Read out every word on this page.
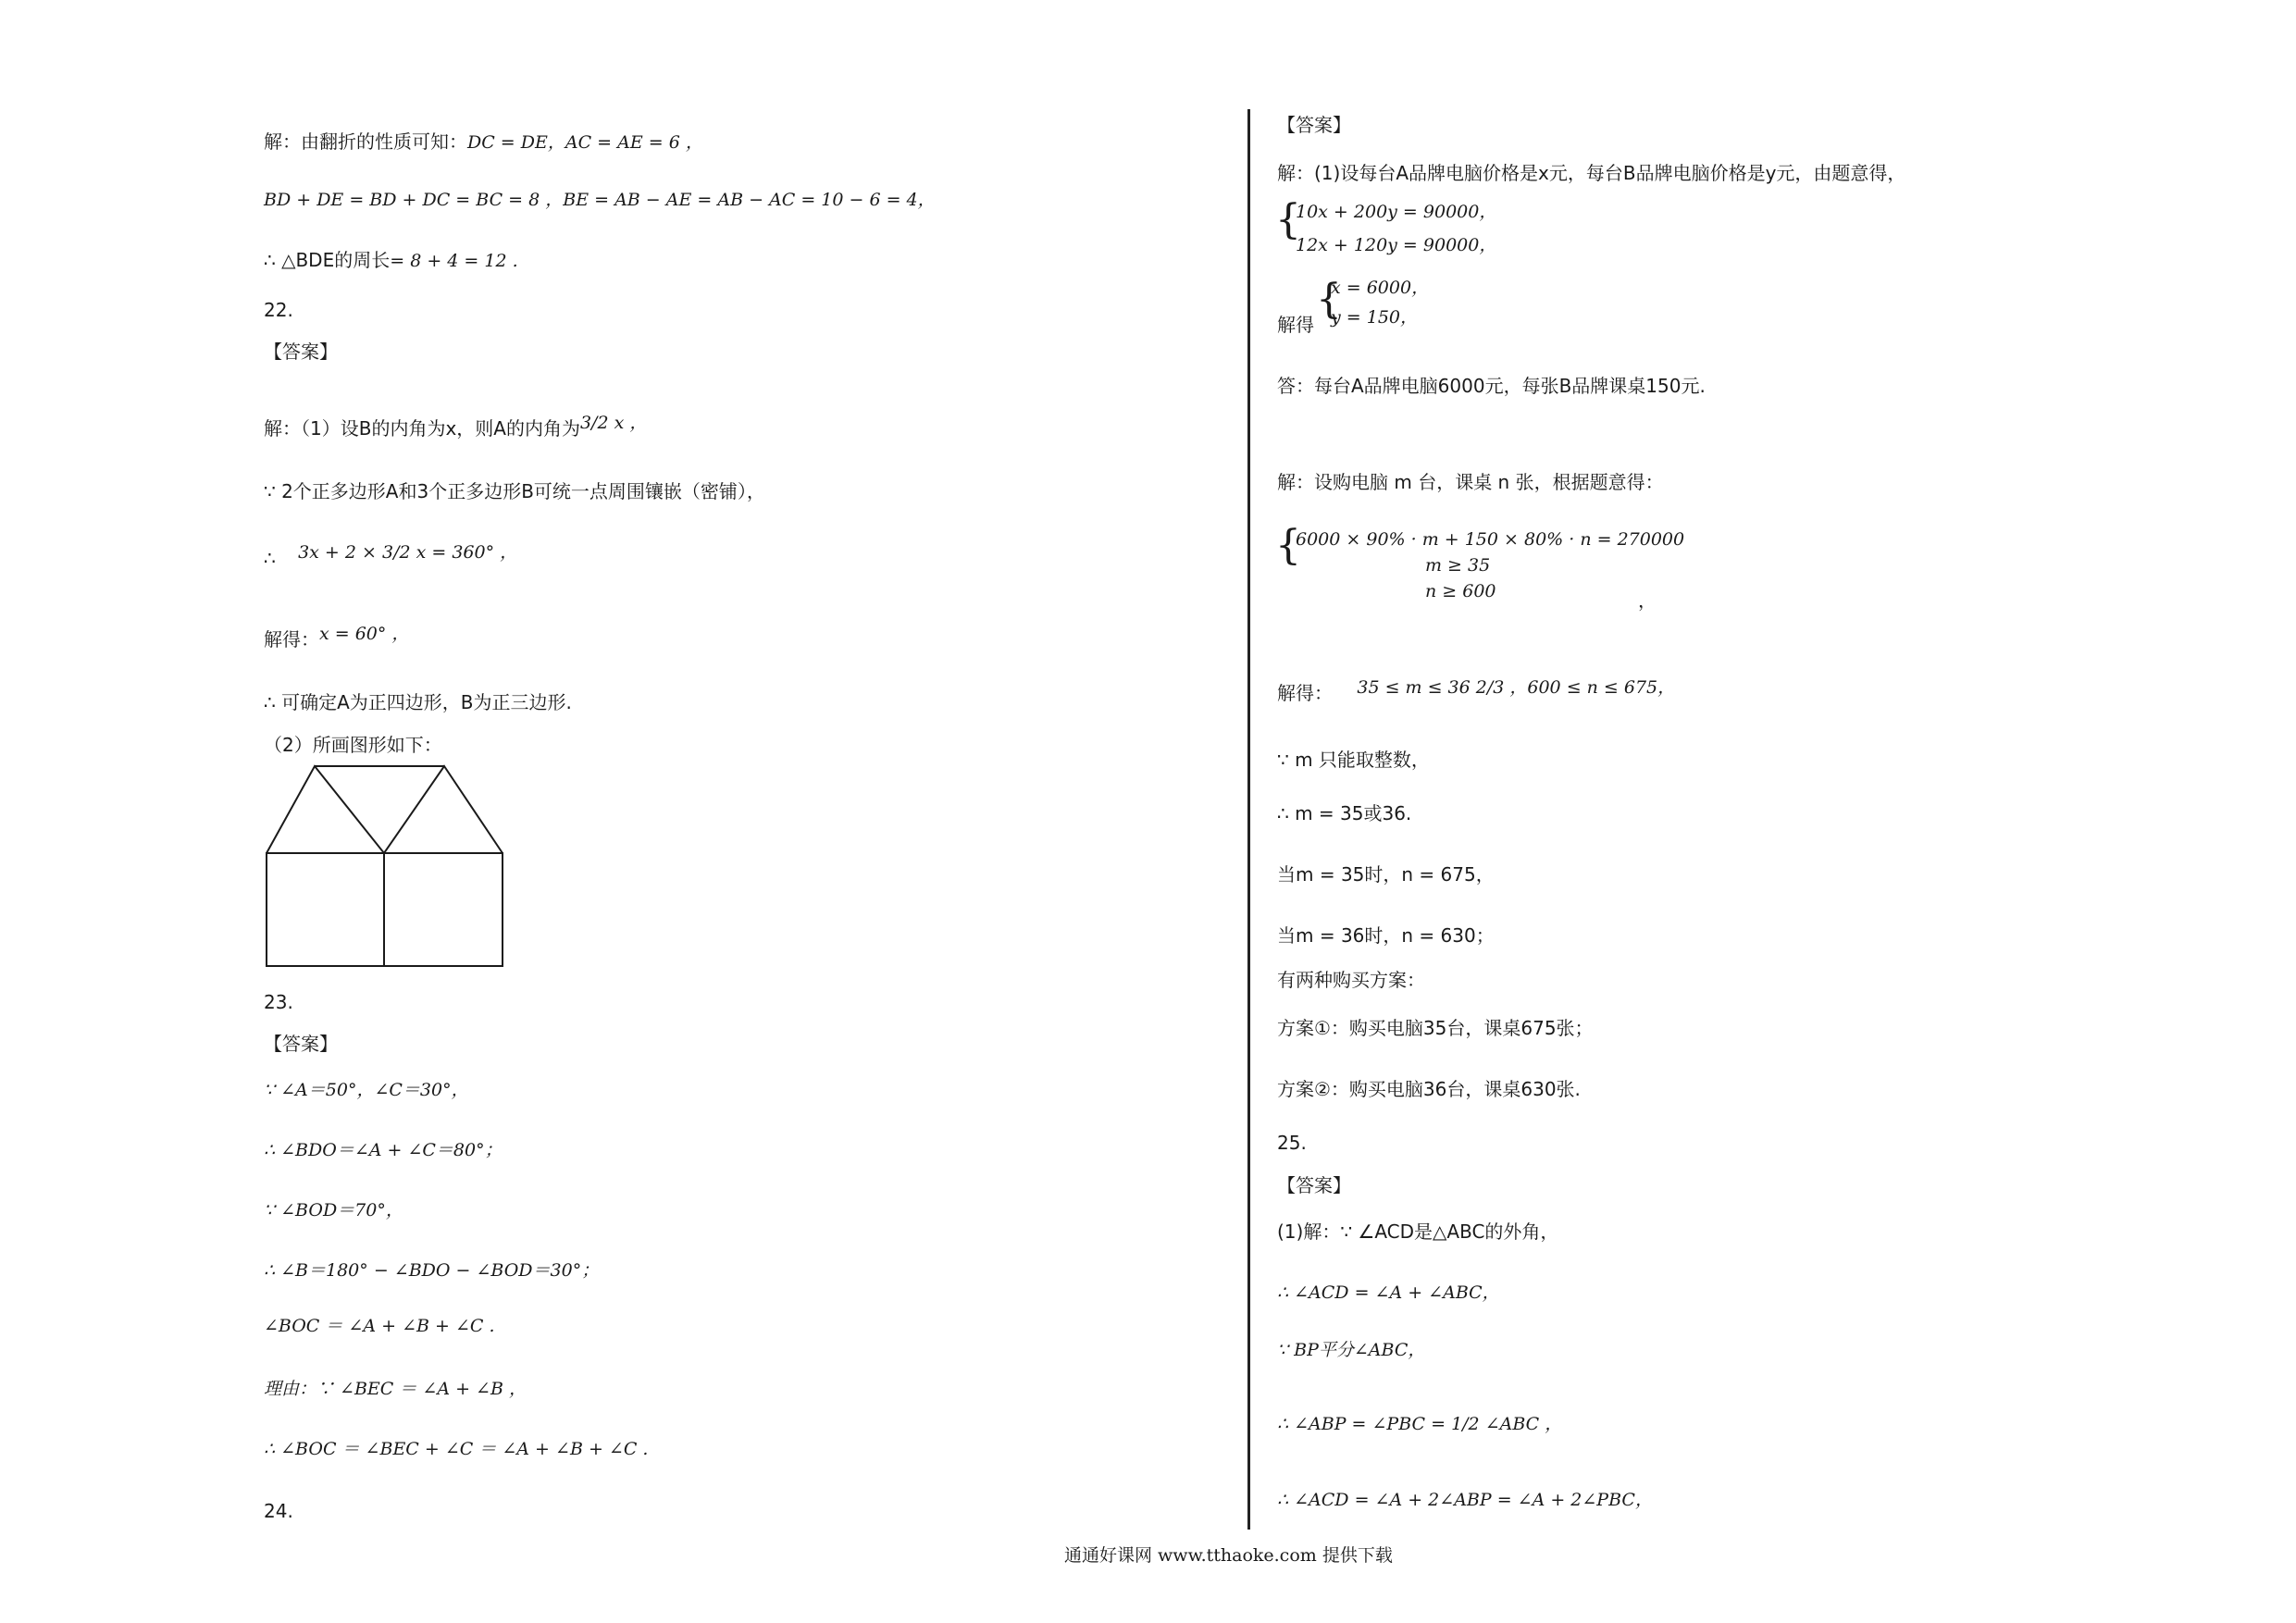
解：由翻折的性质可知：DC = DE，AC = AE = 6 ，
BD + DE = BD + DC = BC = 8 ，BE = AB − AE = AB − AC = 10 − 6 = 4，
∴ △BDE的周长= 8 + 4 = 12 .
22.
【答案】
解：（1）设B的内角为x，则A的内角为3/2 x ，
∵ 2个正多边形A和3个正多边形B可统一点周围镶嵌（密铺），
∴ 3x + 2 × 3/2 x = 360° ，
解得：x = 60° ，
∴ 可确定A为正四边形，B为正三边形.
（2）所画图形如下：
23.
【答案】
∵ ∠A＝50°，∠C＝30°，
∴ ∠BDO＝∠A + ∠C＝80°；
∵ ∠BOD＝70°，
∴ ∠B＝180° − ∠BDO − ∠BOD＝30°；
∠BOC ＝ ∠A + ∠B + ∠C .
理由：∵ ∠BEC ＝ ∠A + ∠B ，
∴ ∠BOC ＝ ∠BEC + ∠C ＝ ∠A + ∠B + ∠C .
24.
【答案】
解：(1)设每台A品牌电脑价格是x元，每台B品牌电脑价格是y元，由题意得，
{
10x + 200y = 90000，
12x + 120y = 90000，
解得
{
x = 6000，
y = 150，
答：每台A品牌电脑6000元，每张B品牌课桌150元.
解：设购电脑 m 台，课桌 n 张，根据题意得：
{
6000 × 90% · m + 150 × 80% · n = 270000
m ≥ 35
n ≥ 600	，
解得： 35 ≤ m ≤ 36 2/3 ，600 ≤ n ≤ 675，
∵ m 只能取整数，
∴ m = 35或36.
当m = 35时，n = 675，
当m = 36时，n = 630；
有两种购买方案：
方案①：购买电脑35台，课桌675张；
方案②：购买电脑36台，课桌630张.
25.
【答案】
(1)解：∵ ∠ACD是△ABC的外角，
∴ ∠ACD = ∠A + ∠ABC，
∵ BP平分∠ABC，
∴ ∠ABP = ∠PBC = 1/2 ∠ABC ，
∴ ∠ACD = ∠A + 2∠ABP = ∠A + 2∠PBC，
通通好课网 www.tthaoke.com 提供下载
